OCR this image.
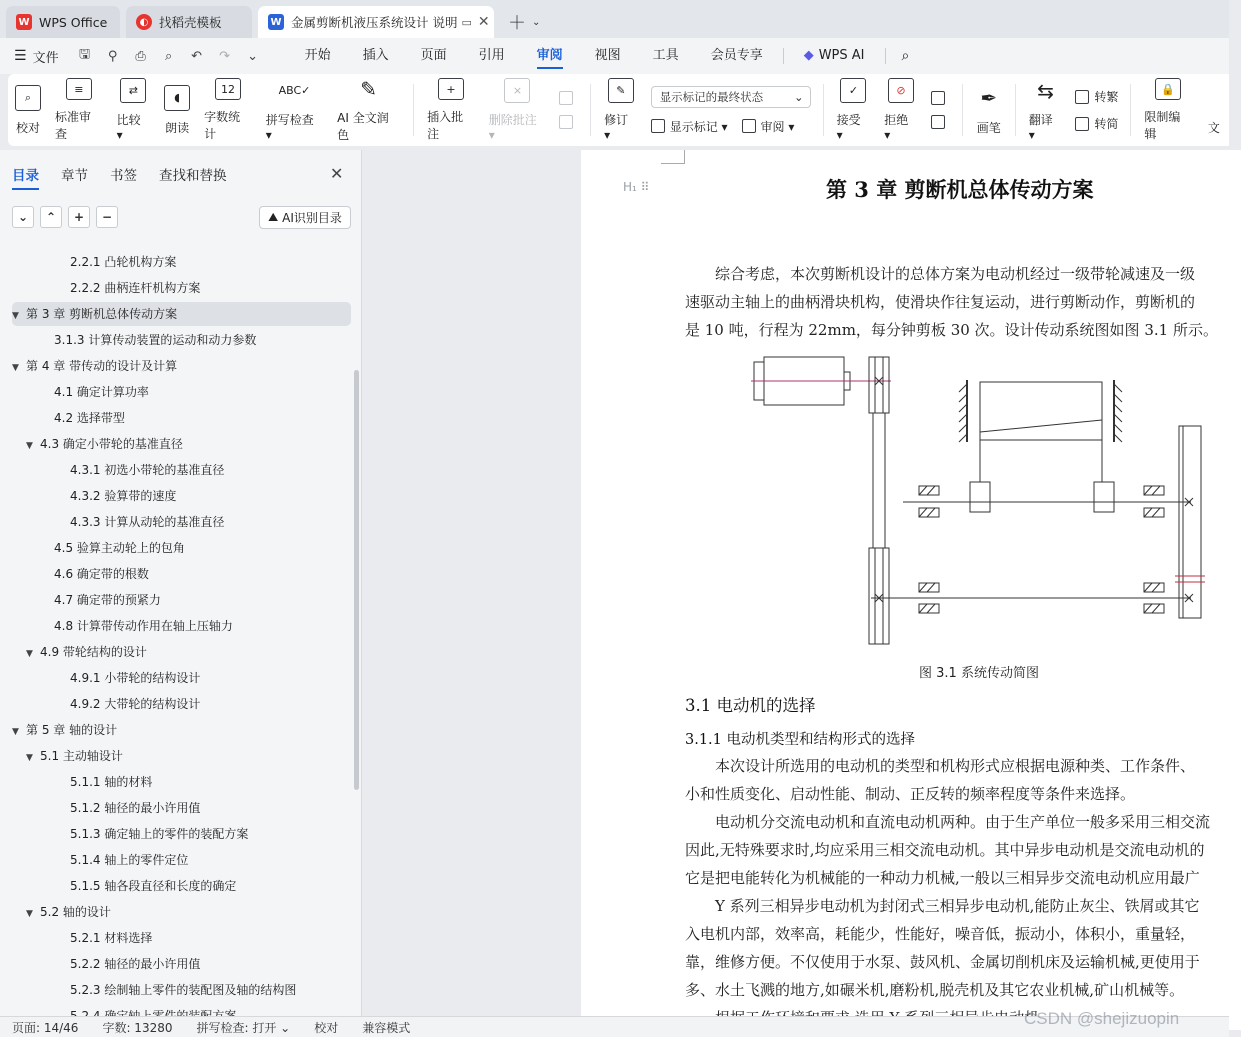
W WPS Office	◐ 找稻壳模板	W 金属剪断机液压系统设计 说明 ▭ ✕ ＋ ⌄
☰ 文件 🖫 ⚲ ⎙	⌕	↶ ↷ ⌄	开始	插入	页面	引用	审阅	视图	工具	会员专享	◆ WPS AI	⌕
⌕
校对
≡
标准审查
⇄
比较 ▾
◖
朗读
12
字数统计
ABC✓
拼写检查 ▾
✎
AI 全文润色
+
插入批注
×
删除批注 ▾
✎
修订 ▾
显示标记的最终状态	⌄
显示标记 ▾	审阅 ▾
✓
接受 ▾
⊘
拒绝 ▾
✒
画笔
⇆
翻译 ▾
转繁
转简
🔒
限制编辑	文
目录 章节 书签 查找和替换	✕
⌄	⌃	+	−	⛰ AI识别目录
2.2.1 凸轮机构方案
2.2.2 曲柄连杆机构方案
▼ 第 3 章 剪断机总体传动方案
3.1.3 计算传动装置的运动和动力参数
▼ 第 4 章 带传动的设计及计算
4.1 确定计算功率
4.2 选择带型
▼ 4.3 确定小带轮的基准直径
4.3.1 初选小带轮的基准直径
4.3.2 验算带的速度
4.3.3 计算从动轮的基准直径
4.5 验算主动轮上的包角
4.6 确定带的根数
4.7 确定带的预紧力
4.8 计算带传动作用在轴上压轴力
▼ 4.9 带轮结构的设计
4.9.1 小带轮的结构设计
4.9.2 大带轮的结构设计
▼ 第 5 章 轴的设计
▼ 5.1 主动轴设计
5.1.1 轴的材料
5.1.2 轴径的最小许用值
5.1.3 确定轴上的零件的装配方案
5.1.4 轴上的零件定位
5.1.5 轴各段直径和长度的确定
▼ 5.2 轴的设计
5.2.1 材料选择
5.2.2 轴径的最小许用值
5.2.3 绘制轴上零件的装配图及轴的结构图
H₁ ⠿	第 3 章 剪断机总体传动方案
　　综合考虑，本次剪断机设计的总体方案为电动机经过一级带轮减速及一级
速驱动主轴上的曲柄滑块机构，使滑块作往复运动，进行剪断动作，剪断机的
是 10 吨，行程为 22mm，每分钟剪板 30 次。设计传动系统图如图 3.1 所示。
图 3.1 系统传动简图
3.1 电动机的选择
3.1.1 电动机类型和结构形式的选择
　　本次设计所选用的电动机的类型和机构形式应根据电源种类、工作条件、
小和性质变化、启动性能、制动、正反转的频率程度等条件来选择。
　　电动机分交流电动机和直流电动机两种。由于生产单位一般多采用三相交流
因此,无特殊要求时,均应采用三相交流电动机。其中异步电动机是交流电动机的
它是把电能转化为机械能的一种动力机械,一般以三相异步交流电动机应用最广
　　Y 系列三相异步电动机为封闭式三相异步电动机,能防止灰尘、铁屑或其它
入电机内部，效率高，耗能少，性能好，噪音低，振动小，体积小，重量轻，
靠，维修方便。不仅使用于水泵、鼓风机、金属切削机床及运输机械,更使用于
多、水土飞溅的地方,如碾米机,磨粉机,脱壳机及其它农业机械,矿山机械等。
页面: 14/46	字数: 13280	拼写检查: 打开 ⌄	校对	兼容模式	CSDN @shejizuopin
